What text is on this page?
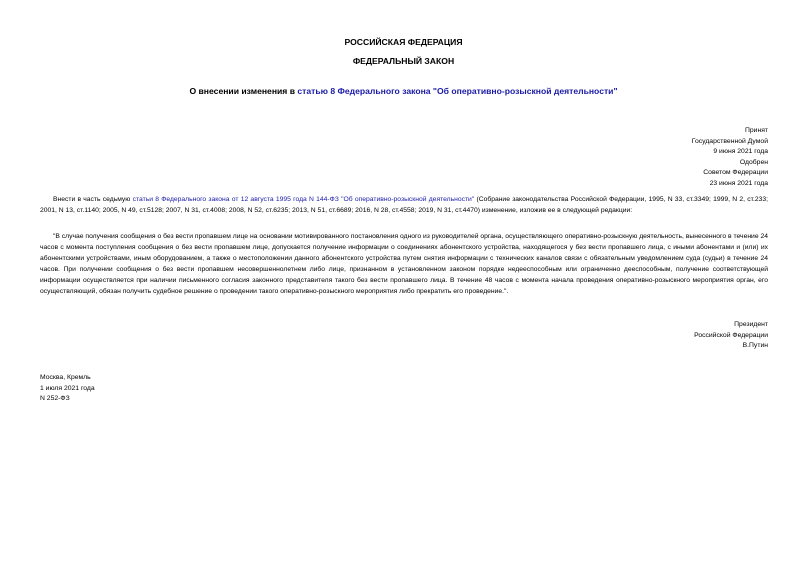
РОССИЙСКАЯ ФЕДЕРАЦИЯ
ФЕДЕРАЛЬНЫЙ ЗАКОН
О внесении изменения в статью 8 Федерального закона "Об оперативно-розыскной деятельности"
Принят
Государственной Думой
9 июня 2021 года
Одобрен
Советом Федерации
23 июня 2021 года

Внести в часть седьмую статьи 8 Федерального закона от 12 августа 1995 года N 144-ФЗ "Об оперативно-розыскной деятельности" (Собрание законодательства Российской Федерации, 1995, N 33, ст.3349; 1999, N 2, ст.233; 2001, N 13, ст.1140; 2005, N 49, ст.5128; 2007, N 31, ст.4008; 2008, N 52, ст.6235; 2013, N 51, ст.6689; 2016, N 28, ст.4558; 2019, N 31, ст.4470) изменение, изложив ее в следующей редакции:

"В случае получения сообщения о без вести пропавшем лице на основании мотивированного постановления одного из руководителей органа, осуществляющего оперативно-розыскную деятельность, вынесенного в течение 24 часов с момента поступления сообщения о без вести пропавшем лице, допускается получение информации о соединениях абонентского устройства, находящегося у без вести пропавшего лица, с иными абонентами и (или) их абонентскими устройствами, иным оборудованием, а также о местоположении данного абонентского устройства путем снятия информации с технических каналов связи с обязательным уведомлением суда (судьи) в течение 24 часов. При получении сообщения о без вести пропавшем несовершеннолетнем либо лице, признанном в установленном законом порядке недееспособным или ограниченно дееспособным, получение соответствующей информации осуществляется при наличии письменного согласия законного представителя такого без вести пропавшего лица. В течение 48 часов с момента начала проведения оперативно-розыскного мероприятия орган, его осуществляющий, обязан получить судебное решение о проведении такого оперативно-розыскного мероприятия либо прекратить его проведение.".

Президент
Российской Федерации
В.Путин
Москва, Кремль
1 июля 2021 года
N 252-ФЗ
